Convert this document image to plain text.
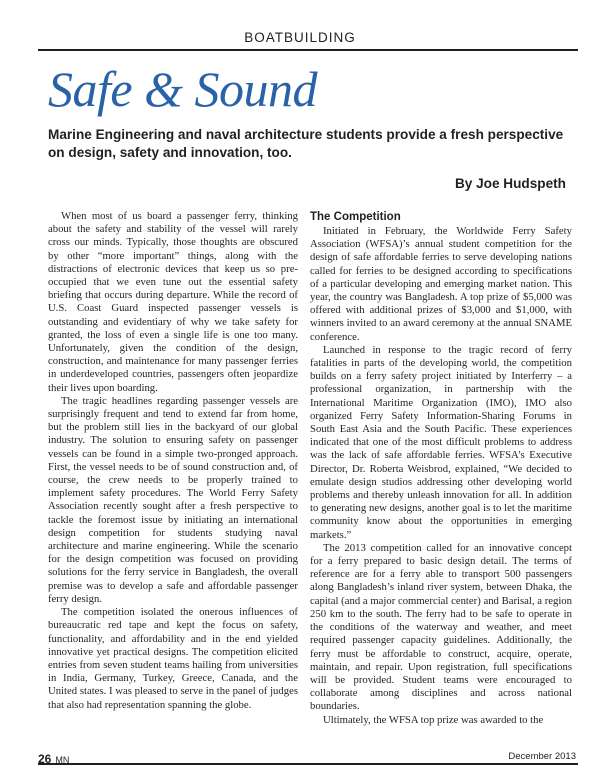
BOATBUILDING
Safe & Sound
Marine Engineering and naval architecture students provide a fresh perspective on design, safety and innovation, too.
By Joe Hudspeth

When most of us board a passenger ferry, thinking about the safety and stability of the vessel will rarely cross our minds. Typically, those thoughts are obscured by other “more important” things, along with the distractions of electronic devices that keep us so pre-occupied that we even tune out the essential safety briefing that occurs during departure. While the record of U.S. Coast Guard inspected passenger vessels is outstanding and evidentiary of why we take safety for granted, the loss of even a single life is one too many. Unfortunately, given the condition of the design, construction, and maintenance for many passenger ferries in underdeveloped countries, passengers often jeopardize their lives upon boarding.

The tragic headlines regarding passenger vessels are surprisingly frequent and tend to extend far from home, but the problem still lies in the backyard of our global industry. The solution to ensuring safety on passenger vessels can be found in a simple two-pronged approach. First, the vessel needs to be of sound construction and, of course, the crew needs to be properly trained to implement safety procedures. The World Ferry Safety Association recently sought after a fresh perspective to tackle the foremost issue by initiating an international design competition for students studying naval architecture and marine engineering. While the scenario for the design competition was focused on providing solutions for the ferry service in Bangladesh, the overall premise was to develop a safe and affordable passenger ferry design.

The competition isolated the onerous influences of bureaucratic red tape and kept the focus on safety, functionality, and affordability and in the end yielded innovative yet practical designs. The competition elicited entries from seven student teams hailing from universities in India, Germany, Turkey, Greece, Canada, and the United states. I was pleased to serve in the panel of judges that also had representation spanning the globe.

The Competition

Initiated in February, the Worldwide Ferry Safety Association (WFSA)’s annual student competition for the design of safe affordable ferries to serve developing nations called for ferries to be designed according to specifications of a particular developing and emerging market nation. This year, the country was Bangladesh. A top prize of $5,000 was offered with additional prizes of $3,000 and $1,000, with winners invited to an award ceremony at the annual SNAME conference.

Launched in response to the tragic record of ferry fatalities in parts of the developing world, the competition builds on a ferry safety project initiated by Interferry – a professional organization, in partnership with the International Maritime Organization (IMO), IMO also organized Ferry Safety Information-Sharing Forums in South East Asia and the South Pacific. These experiences indicated that one of the most difficult problems to address was the lack of safe affordable ferries. WFSA’s Executive Director, Dr. Roberta Weisbrod, explained, “We decided to emulate design studios addressing other developing world problems and thereby unleash innovation for all. In addition to generating new designs, another goal is to let the maritime community know about the opportunities in emerging markets.”

The 2013 competition called for an innovative concept for a ferry prepared to basic design detail. The terms of reference are for a ferry able to transport 500 passengers along Bangladesh’s inland river system, between Dhaka, the capital (and a major commercial center) and Barisal, a region 250 km to the south. The ferry had to be safe to operate in the conditions of the waterway and weather, and meet required passenger capacity guidelines. Additionally, the ferry must be affordable to construct, acquire, operate, maintain, and repair. Upon registration, full specifications will be provided. Student teams were encouraged to collaborate among disciplines and across national boundaries.

Ultimately, the WFSA top prize was awarded to the

26 MN	December 2013
